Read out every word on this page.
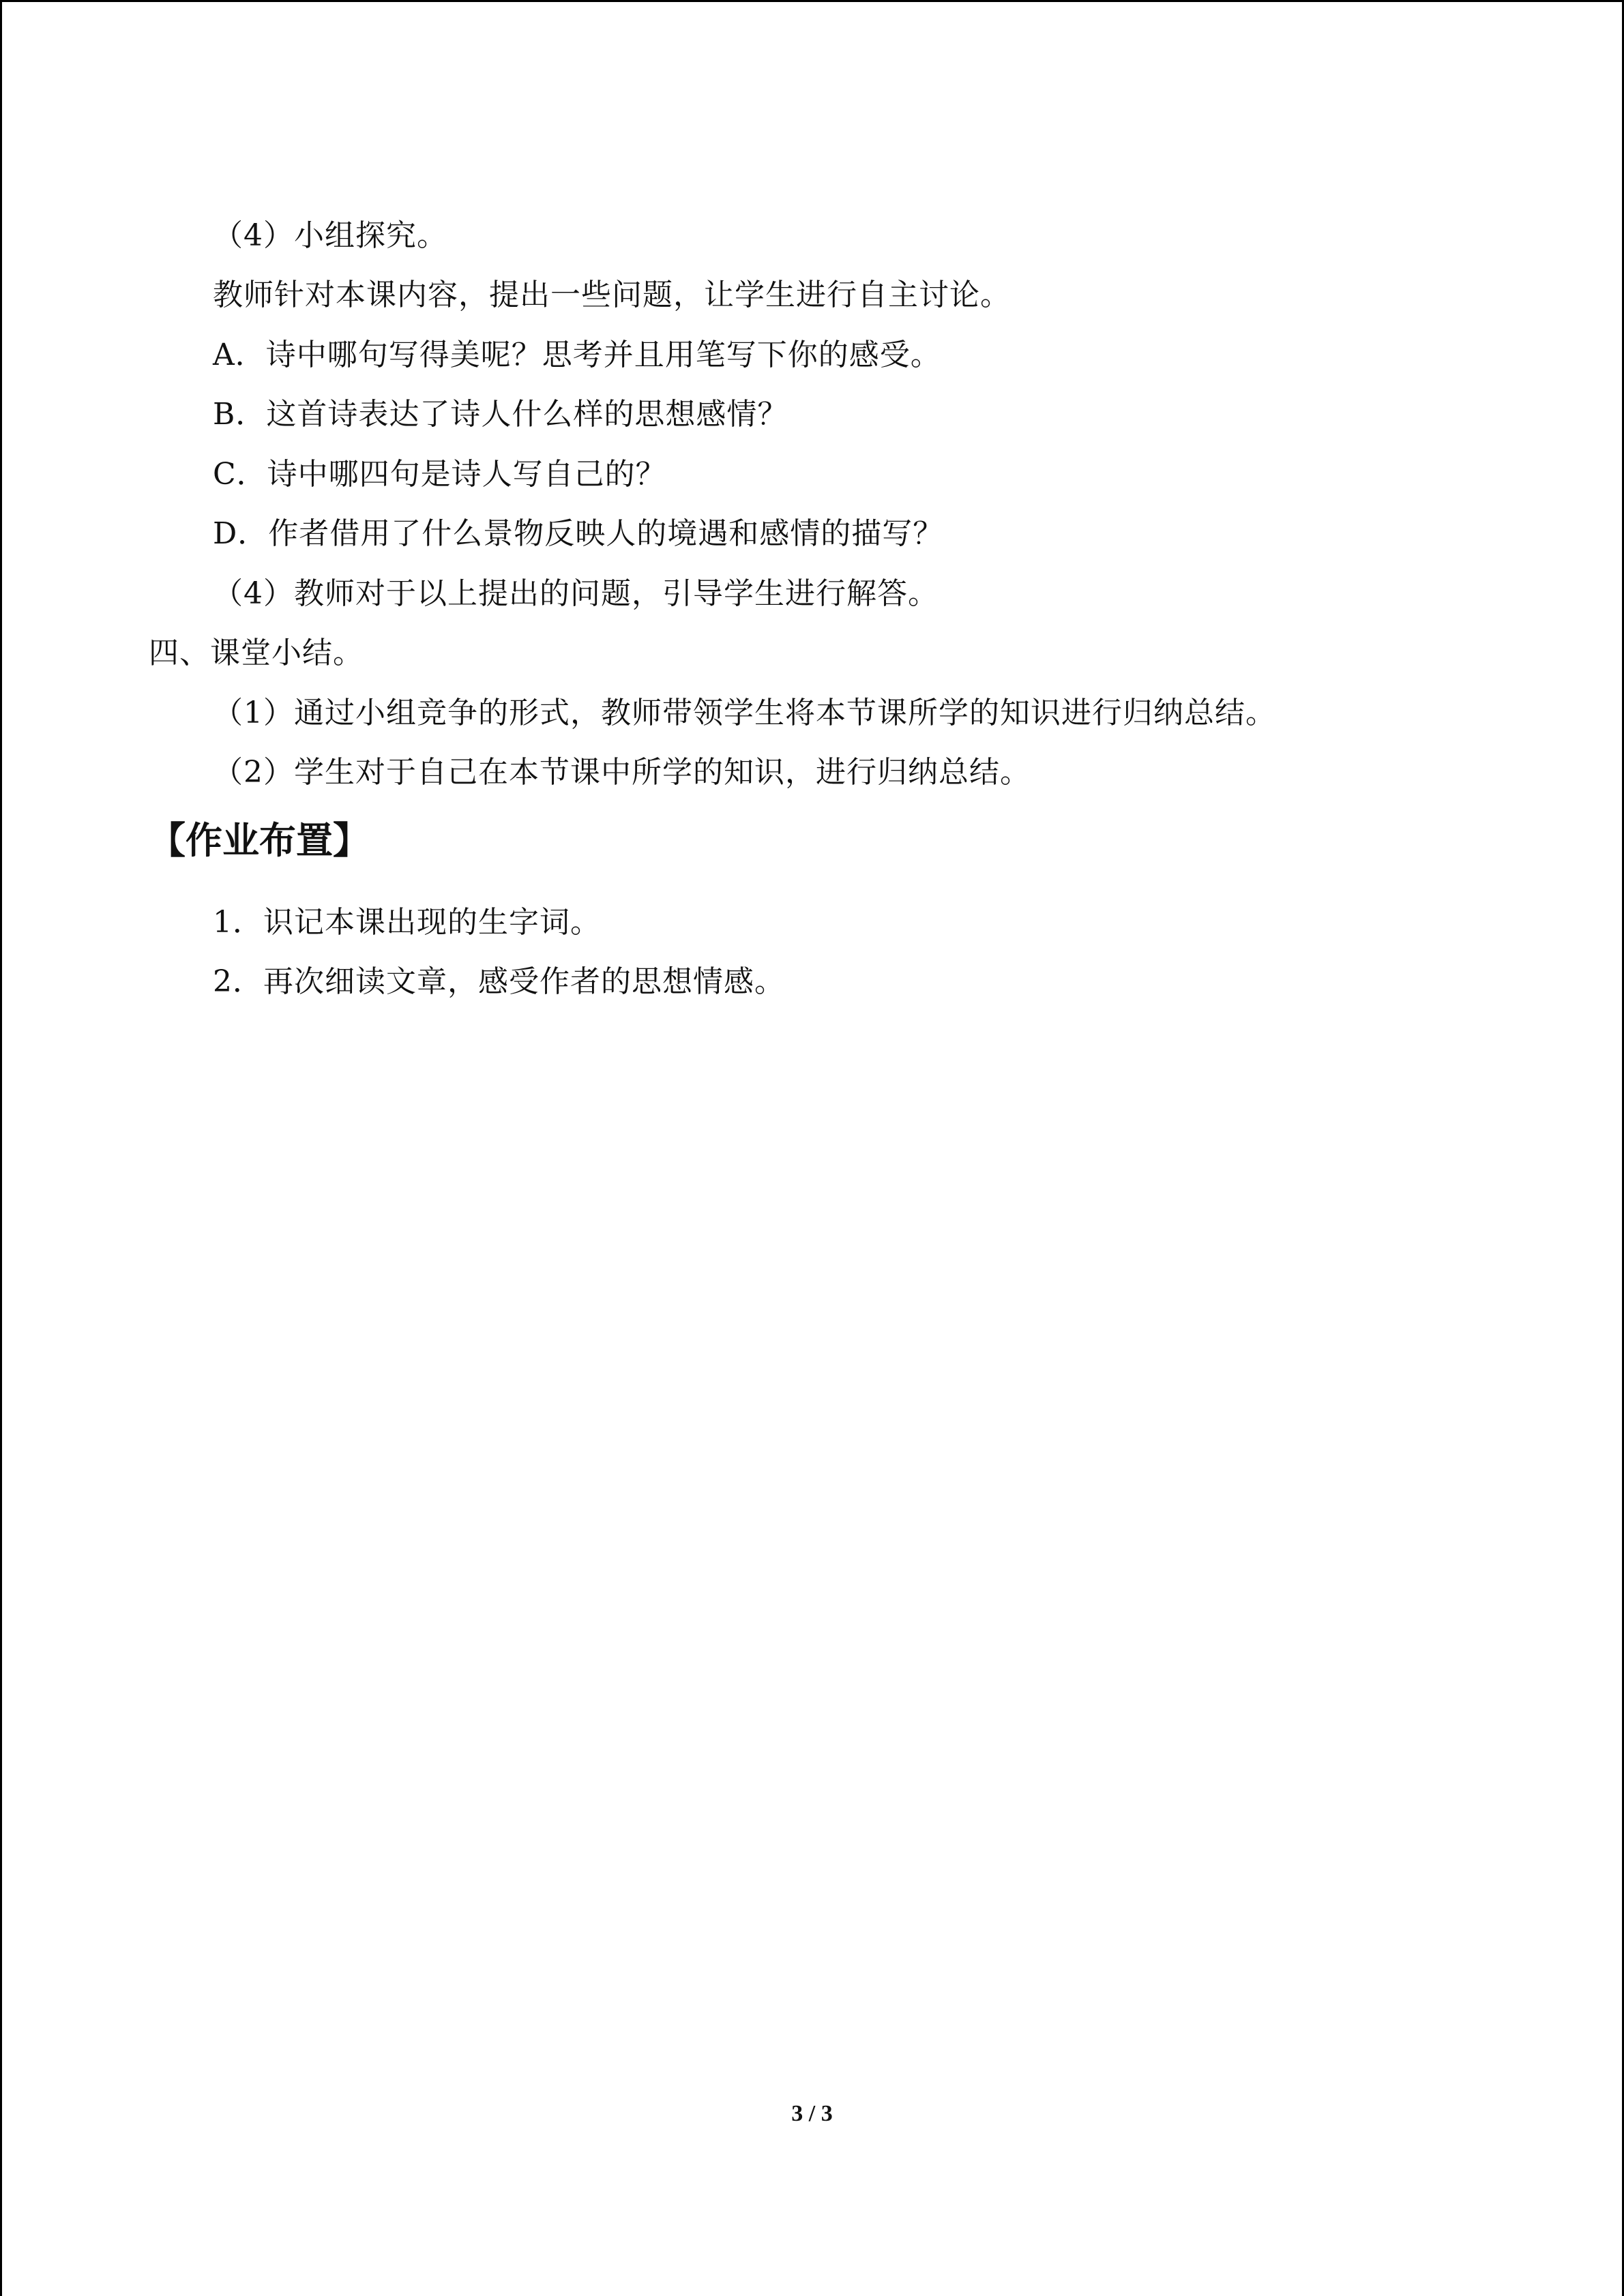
（4）小组探究。
教师针对本课内容，提出一些问题，让学生进行自主讨论。
A．诗中哪句写得美呢？思考并且用笔写下你的感受。
B．这首诗表达了诗人什么样的思想感情？
C．诗中哪四句是诗人写自己的？
D．作者借用了什么景物反映人的境遇和感情的描写？
（4）教师对于以上提出的问题，引导学生进行解答。
四、课堂小结。
（1）通过小组竞争的形式，教师带领学生将本节课所学的知识进行归纳总结。
（2）学生对于自己在本节课中所学的知识，进行归纳总结。
【作业布置】
1．识记本课出现的生字词。
2．再次细读文章，感受作者的思想情感。
3 / 3
